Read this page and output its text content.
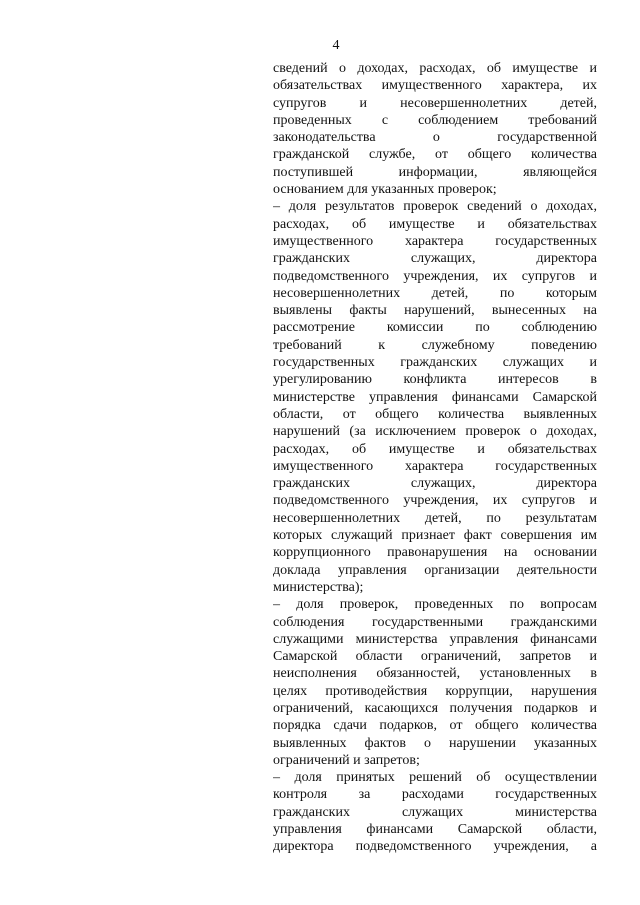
4
сведений о доходах, расходах, об имуществе и
обязательствах имущественного характера, их
супругов и несовершеннолетних детей,
проведенных с соблюдением требований
законодательства о государственной
гражданской службе, от общего количества
поступившей информации, являющейся
основанием для указанных проверок;
– доля результатов проверок сведений о доходах,
расходах, об имуществе и обязательствах
имущественного характера государственных
гражданских служащих, директора
подведомственного учреждения, их супругов и
несовершеннолетних детей, по которым
выявлены факты нарушений, вынесенных на
рассмотрение комиссии по соблюдению
требований к служебному поведению
государственных гражданских служащих и
урегулированию конфликта интересов в
министерстве управления финансами Самарской
области, от общего количества выявленных
нарушений (за исключением проверок о доходах,
расходах, об имуществе и обязательствах
имущественного характера государственных
гражданских служащих, директора
подведомственного учреждения, их супругов и
несовершеннолетних детей, по результатам
которых служащий признает факт совершения им
коррупционного правонарушения на основании
доклада управления организации деятельности
министерства);
– доля проверок, проведенных по вопросам
соблюдения государственными гражданскими
служащими министерства управления финансами
Самарской области ограничений, запретов и
неисполнения обязанностей, установленных в
целях противодействия коррупции, нарушения
ограничений, касающихся получения подарков и
порядка сдачи подарков, от общего количества
выявленных фактов о нарушении указанных
ограничений и запретов;
– доля принятых решений об осуществлении
контроля за расходами государственных
гражданских служащих министерства
управления финансами Самарской области,
директора подведомственного учреждения, а
